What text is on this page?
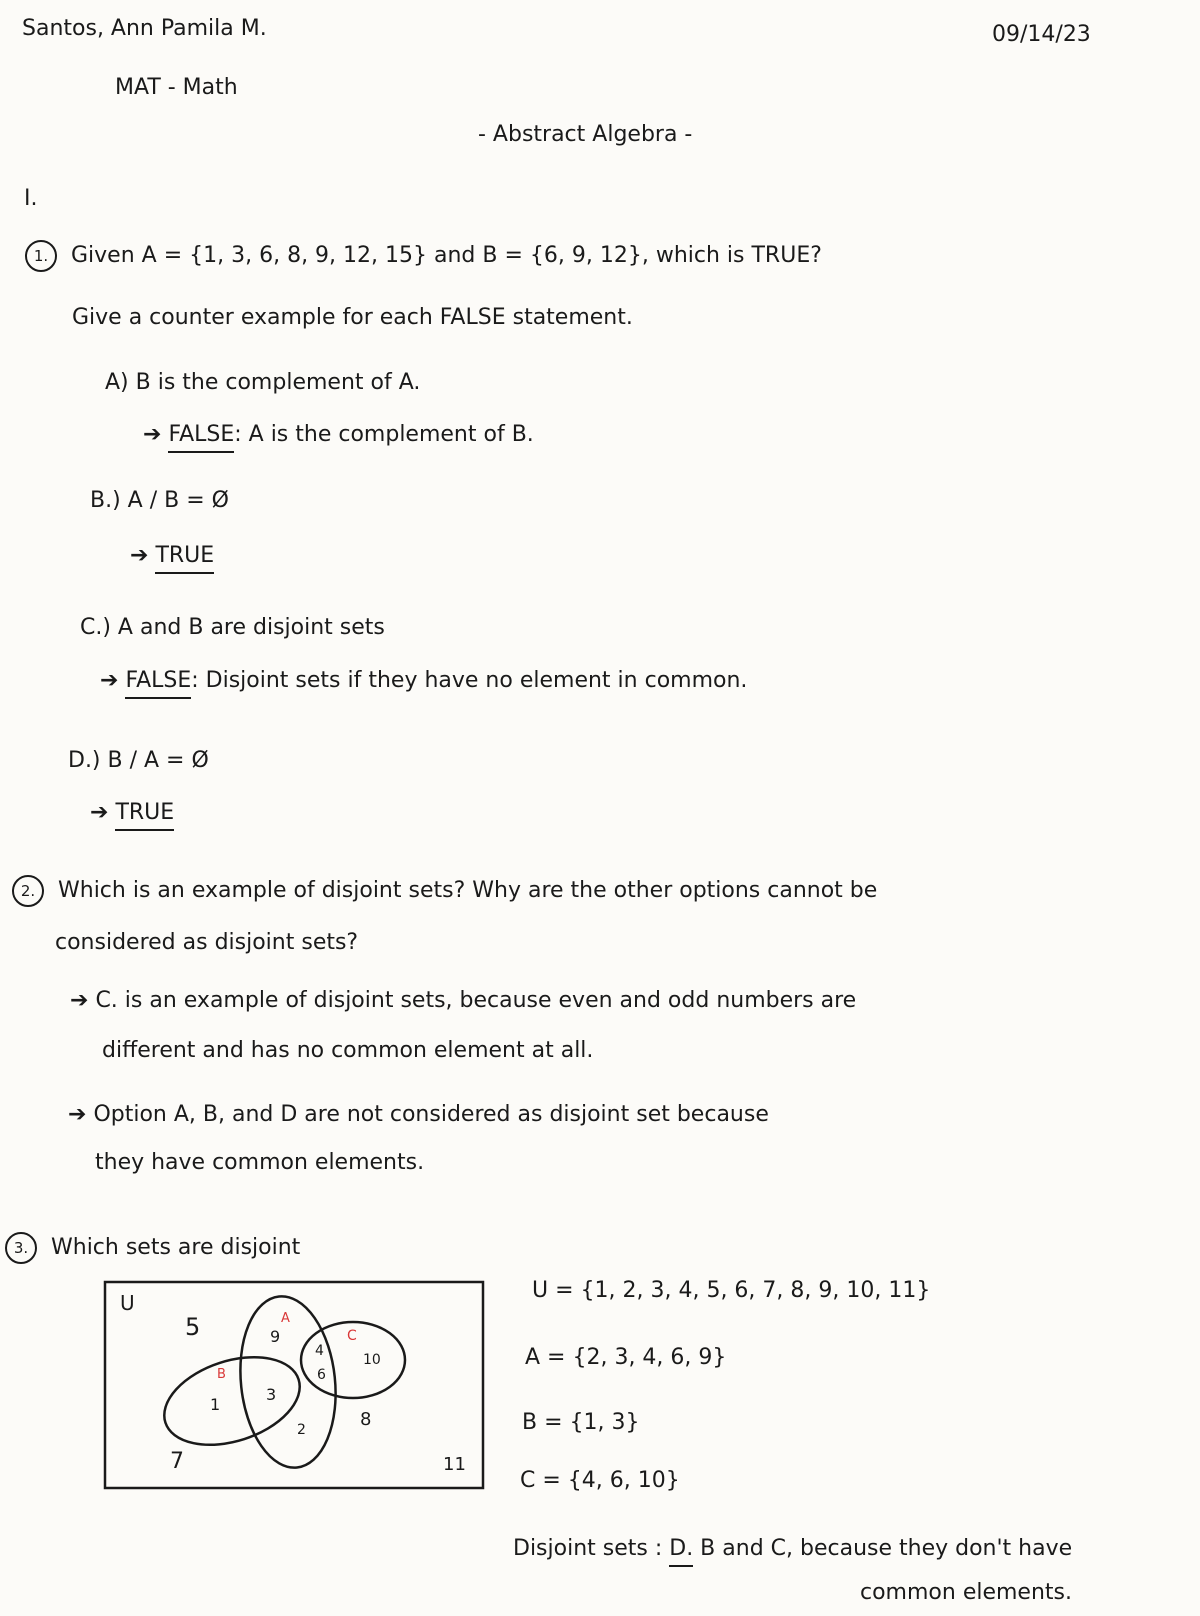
Santos, Ann Pamila M.	09/14/23
MAT - Math
- Abstract Algebra -
I.
1. Given A = {1, 3, 6, 8, 9, 12, 15} and B = {6, 9, 12}, which is TRUE?
Give a counter example for each FALSE statement.
A) B is the complement of A.
➔ FALSE: A is the complement of B.
B.) A / B = Ø
➔ TRUE
C.) A and B are disjoint sets
➔ FALSE: Disjoint sets if they have no element in common.
D.) B / A = Ø
➔ TRUE
2. Which is an example of disjoint sets? Why are the other options cannot be
considered as disjoint sets?
➔ C. is an example of disjoint sets, because even and odd numbers are
different and has no common element at all.
➔ Option A, B, and D are not considered as disjoint set because
they have common elements.
3. Which sets are disjoint
U
A
B
C
5
7
8
11
9
2
1
3
4
6
10
U = {1, 2, 3, 4, 5, 6, 7, 8, 9, 10, 11}
A = {2, 3, 4, 6, 9}
B = {1, 3}
C = {4, 6, 10}
Disjoint sets : D. B and C, because they don't have
common elements.
